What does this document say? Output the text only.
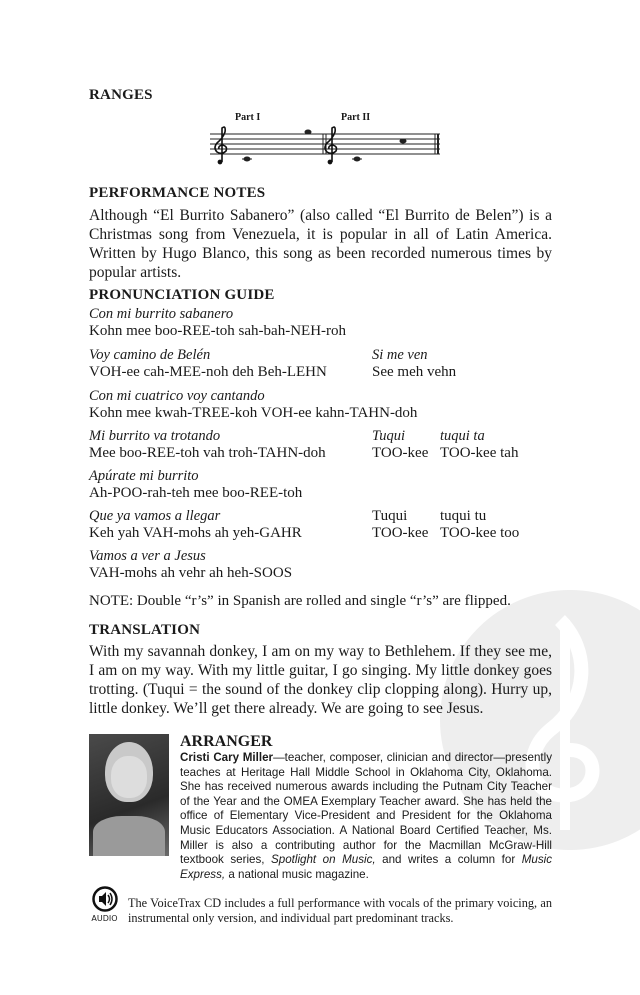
RANGES
Part I	Part II
PERFORMANCE NOTES
Although “El Burrito Sabanero” (also called “El Burrito de Belen”) is a Christmas song from Venezuela, it is popular in all of Latin America. Written by Hugo Blanco, this song as been recorded numerous times by popular artists.
PRONUNCIATION GUIDE
Con mi burrito sabanero
Kohn mee boo-REE-toh sah-bah-NEH-roh
Voy camino de Belén
VOH-ee cah-MEE-noh deh Beh-LEHN
Si me ven
See meh vehn
Con mi cuatrico voy cantando
Kohn mee kwah-TREE-koh VOH-ee kahn-TAHN-doh
Mi burrito va trotando
Mee boo-REE-toh vah troh-TAHN-doh
Tuqui
TOO-kee
tuqui ta
TOO-kee tah
Apúrate mi burrito
Ah-POO-rah-teh mee boo-REE-toh
Que ya vamos a llegar
Keh yah VAH-mohs ah yeh-GAHR
Tuqui
TOO-kee
tuqui tu
TOO-kee too
Vamos a ver a Jesus
VAH-mohs ah vehr ah heh-SOOS
NOTE: Double “r’s” in Spanish are rolled and single “r’s” are flipped.
TRANSLATION
With my savannah donkey, I am on my way to Bethlehem. If they see me, I am on my way. With my little guitar, I go singing. My little donkey goes trotting. (Tuqui = the sound of the donkey clip clopping along). Hurry up, little donkey. We’ll get there already. We are going to see Jesus.
ARRANGER
Cristi Cary Miller—teacher, composer, clinician and director—presently teaches at Heritage Hall Middle School in Oklahoma City, Oklahoma. She has received numerous awards including the Putnam City Teacher of the Year and the OMEA Exemplary Teacher award. She has held the office of Elementary Vice-President and President for the Oklahoma Music Educators Association. A National Board Certified Teacher, Ms. Miller is also a contributing author for the Macmillan McGraw-Hill textbook series, Spotlight on Music, and writes a column for Music Express, a national music magazine.
AUDIO
The VoiceTrax CD includes a full performance with vocals of the primary voicing, an instrumental only version, and individual part predominant tracks.
